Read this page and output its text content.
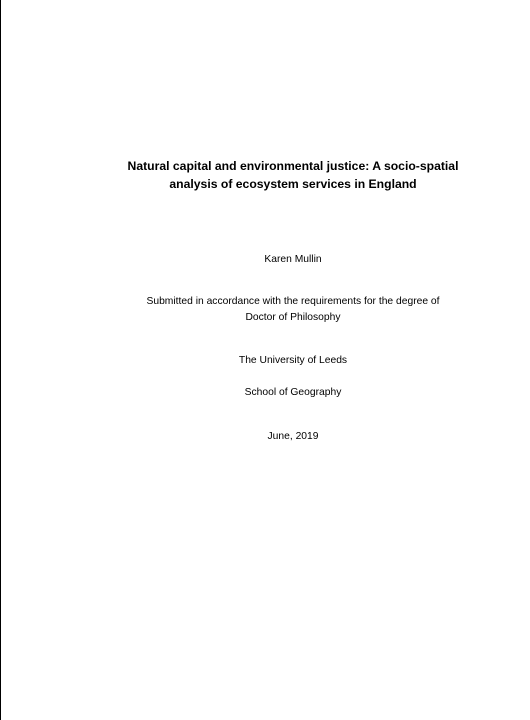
Natural capital and environmental justice: A socio-spatial
analysis of ecosystem services in England
Karen Mullin
Submitted in accordance with the requirements for the degree of
Doctor of Philosophy
The University of Leeds
School of Geography
June, 2019
